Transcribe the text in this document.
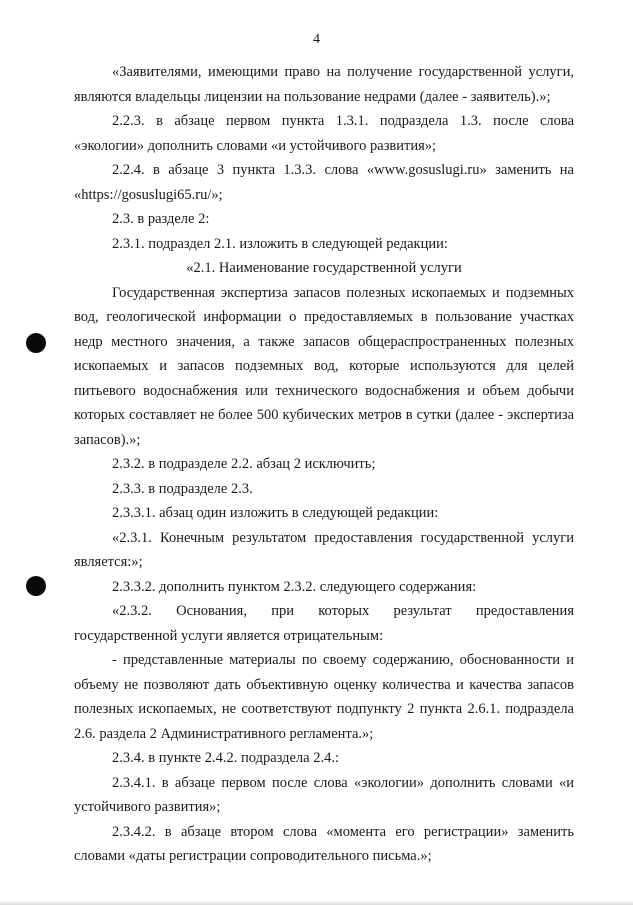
4

«Заявителями, имеющими право на получение государственной услуги, являются владельцы лицензии на пользование недрами (далее - заявитель).»;

2.2.3. в абзаце первом пункта 1.3.1. подраздела 1.3. после слова «экологии» дополнить словами «и устойчивого развития»;

2.2.4. в абзаце 3 пункта 1.3.3. слова «www.gosuslugi.ru» заменить на «https://gosuslugi65.ru/»;

2.3. в разделе 2:

2.3.1. подраздел 2.1. изложить в следующей редакции:

«2.1. Наименование государственной услуги

Государственная экспертиза запасов полезных ископаемых и подземных вод, геологической информации о предоставляемых в пользование участках недр местного значения, а также запасов общераспространенных полезных ископаемых и запасов подземных вод, которые используются для целей питьевого водоснабжения или технического водоснабжения и объем добычи которых составляет не более 500 кубических метров в сутки (далее - экспертиза запасов).»;

2.3.2. в подразделе 2.2. абзац 2 исключить;

2.3.3. в подразделе 2.3.

2.3.3.1. абзац один изложить в следующей редакции:

«2.3.1. Конечным результатом предоставления государственной услуги является:»;

2.3.3.2. дополнить пунктом 2.3.2. следующего содержания:

«2.3.2. Основания, при которых результат предоставления государственной услуги является отрицательным:

- представленные материалы по своему содержанию, обоснованности и объему не позволяют дать объективную оценку количества и качества запасов полезных ископаемых, не соответствуют подпункту 2 пункта 2.6.1. подраздела 2.6. раздела 2 Административного регламента.»;

2.3.4. в пункте 2.4.2. подраздела 2.4.:

2.3.4.1. в абзаце первом после слова «экологии» дополнить словами «и устойчивого развития»;

2.3.4.2. в абзаце втором слова «момента его регистрации» заменить словами «даты регистрации сопроводительного письма.»;
